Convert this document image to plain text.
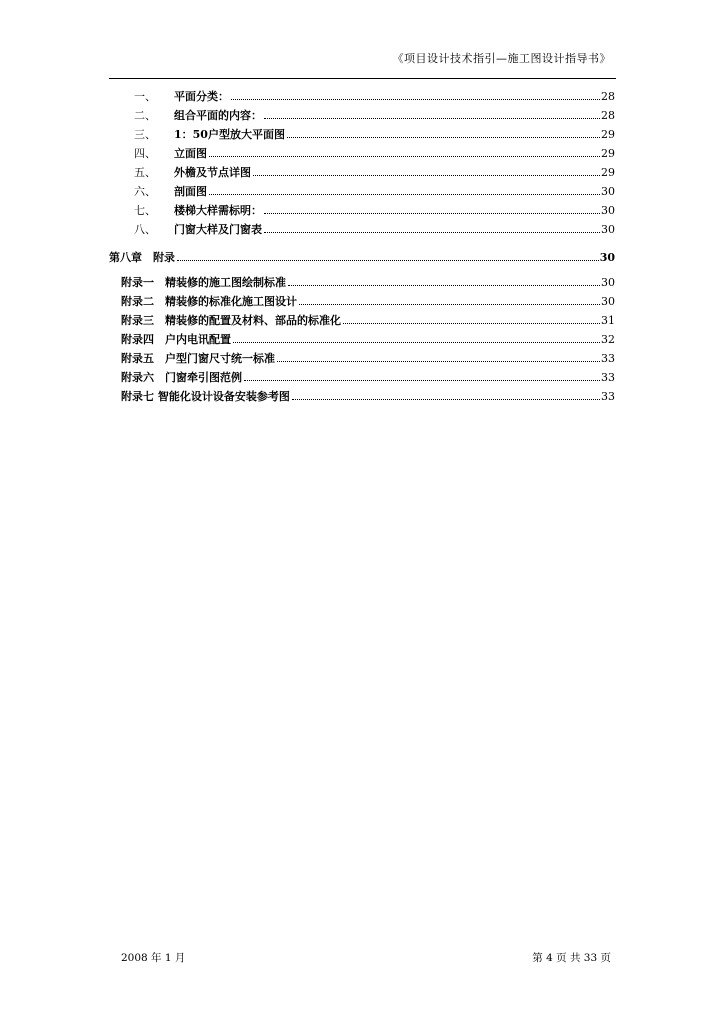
《项目设计技术指引—施工图设计指导书》
一、	平面分类：	28
二、	组合平面的内容：	28
三、	1：50户型放大平面图	29
四、	立面图	29
五、	外檐及节点详图	29
六、	剖面图	30
七、	楼梯大样需标明：	30
八、	门窗大样及门窗表	30
第八章　附录	30
附录一　精装修的施工图绘制标准	30
附录二　精装修的标准化施工图设计	30
附录三　精装修的配置及材料、部品的标准化	31
附录四　户内电讯配置	32
附录五　户型门窗尺寸统一标准	33
附录六　门窗牵引图范例	33
附录七 智能化设计设备安装参考图	33
2008 年 1 月	第 4 页 共 33 页
